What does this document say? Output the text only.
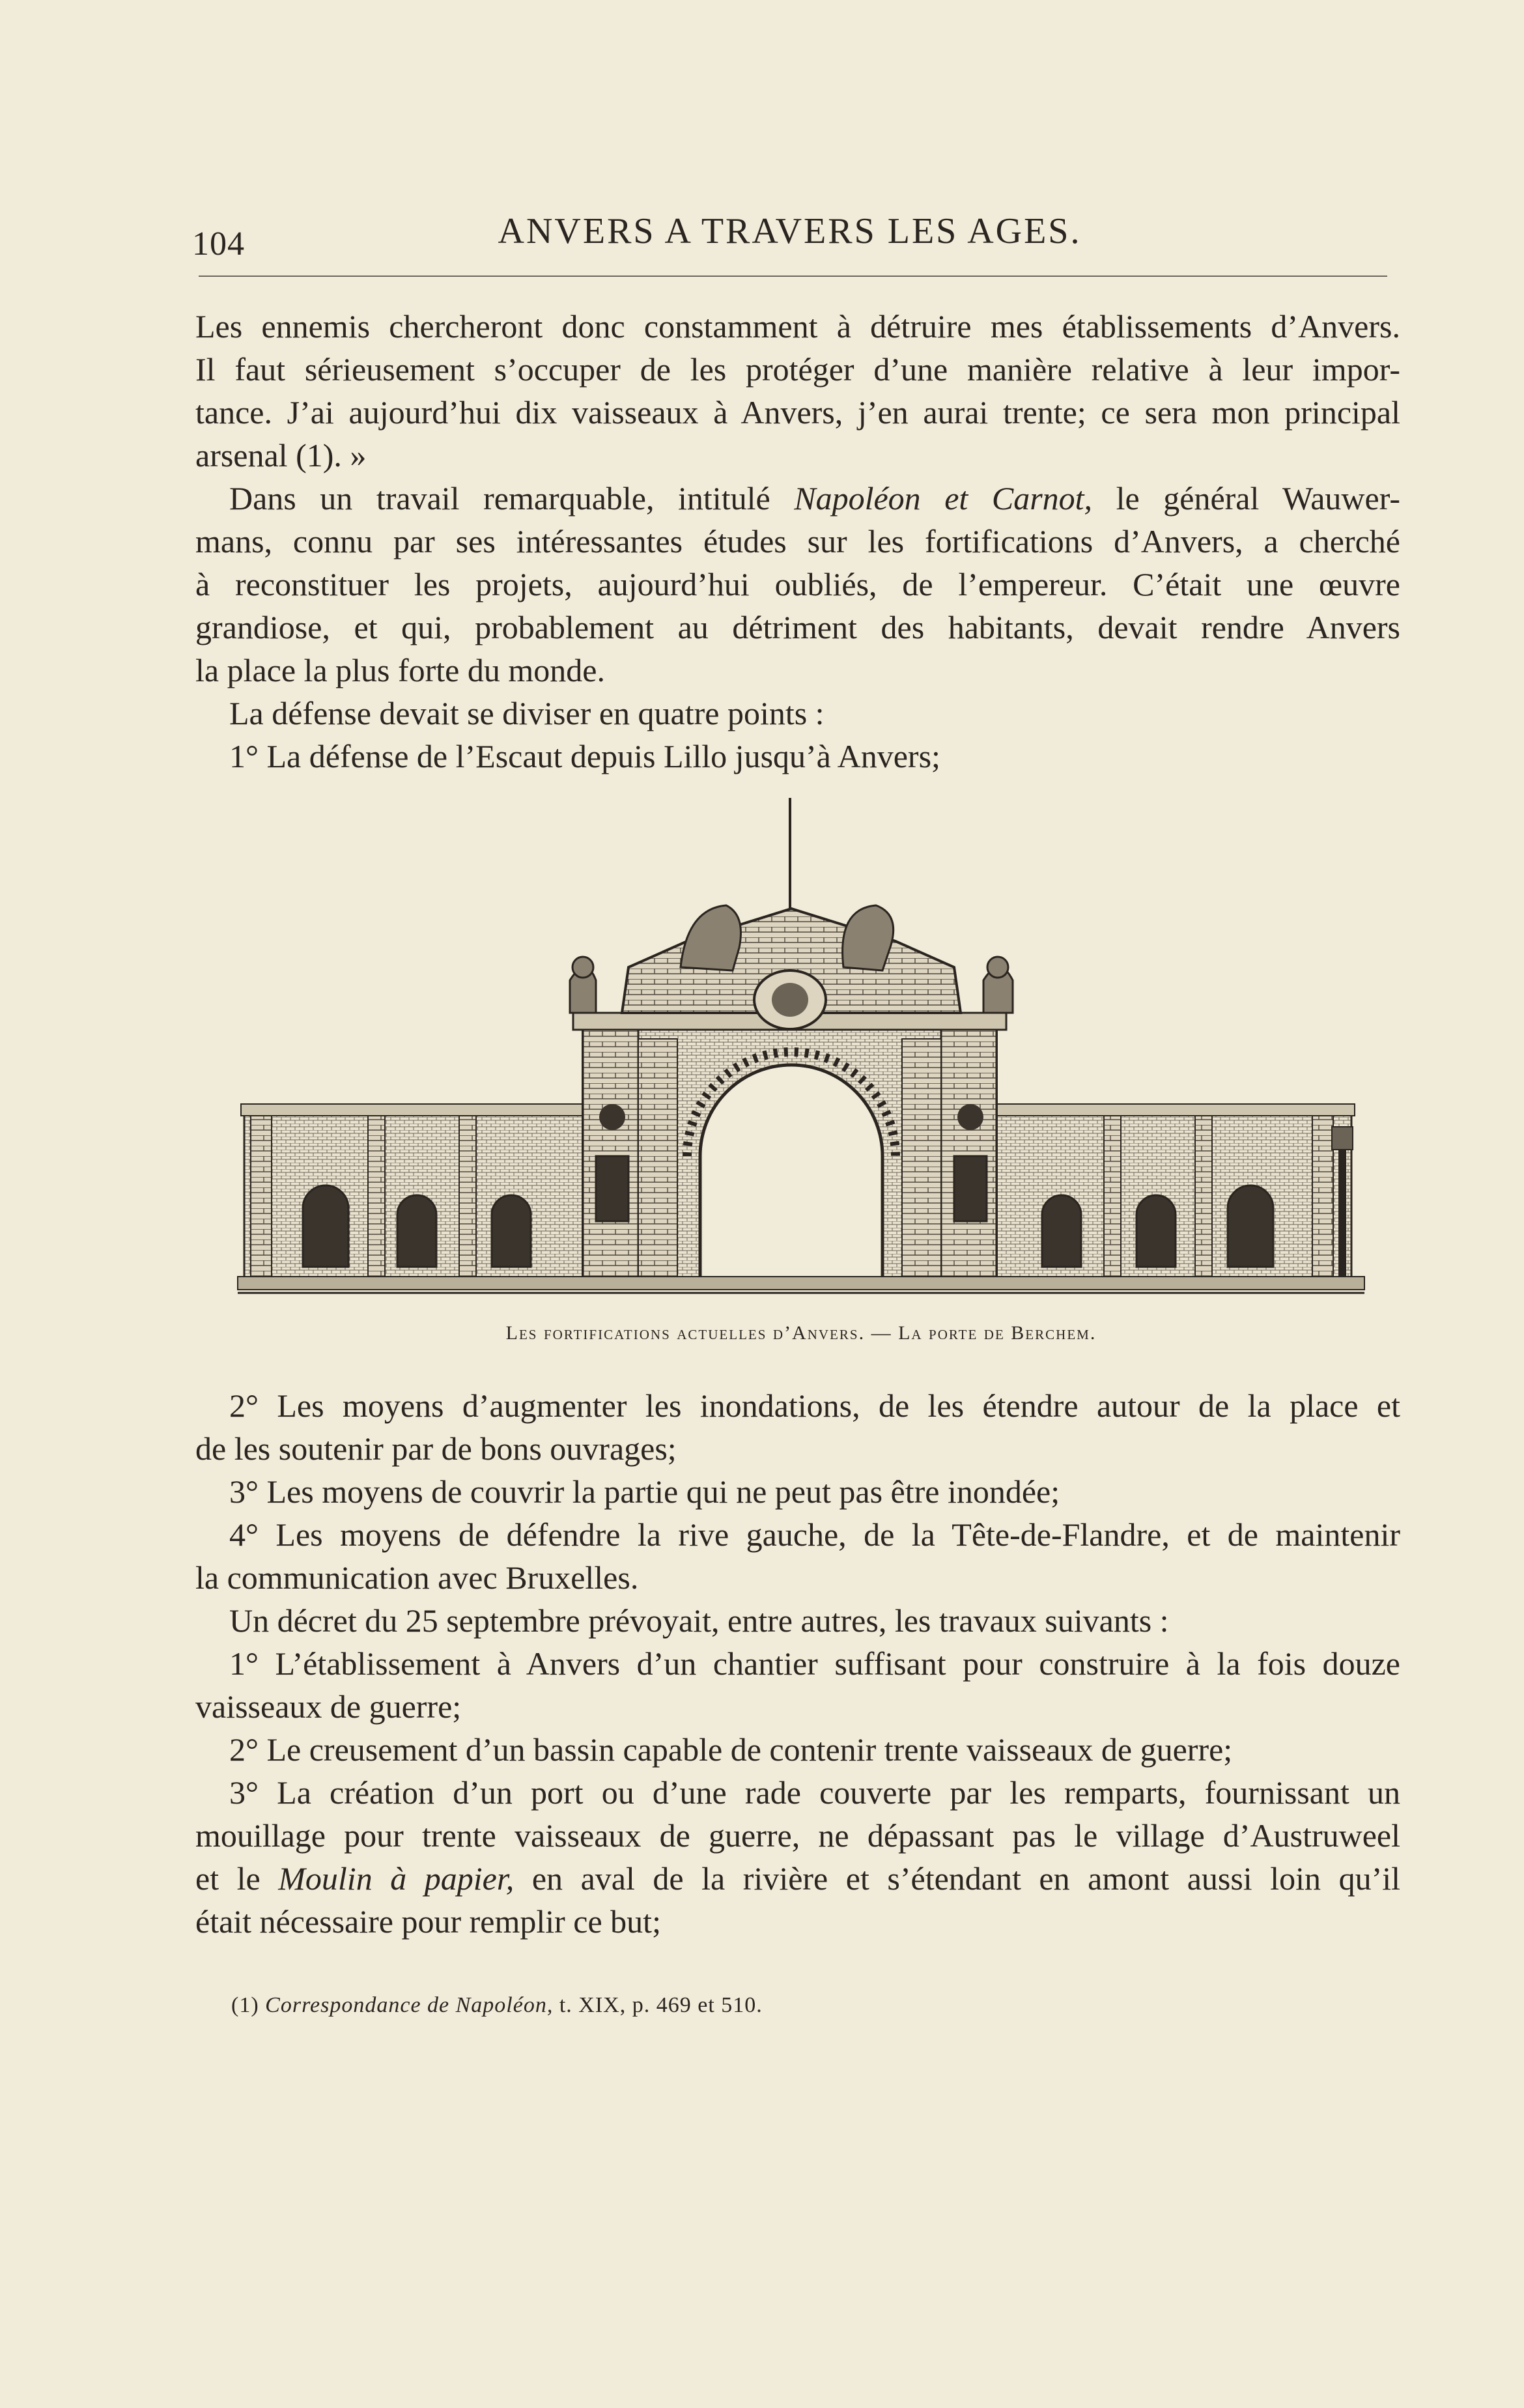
104	ANVERS A TRAVERS LES AGES.

Les ennemis chercheront donc constamment à détruire mes établissements d’Anvers.
Il faut sérieusement s’occuper de les protéger d’une manière relative à leur impor-
tance. J’ai aujourd’hui dix vaisseaux à Anvers, j’en aurai trente; ce sera mon principal
arsenal (1). »

Dans un travail remarquable, intitulé Napoléon et Carnot, le général Wauwer-
mans, connu par ses intéressantes études sur les fortifications d’Anvers, a cherché
à reconstituer les projets, aujourd’hui oubliés, de l’empereur. C’était une œuvre
grandiose, et qui, probablement au détriment des habitants, devait rendre Anvers
la place la plus forte du monde.

La défense devait se diviser en quatre points :

1° La défense de l’Escaut depuis Lillo jusqu’à Anvers;

Les fortifications actuelles d’Anvers. — La porte de Berchem.

2° Les moyens d’augmenter les inondations, de les étendre autour de la place et
de les soutenir par de bons ouvrages;

3° Les moyens de couvrir la partie qui ne peut pas être inondée;

4° Les moyens de défendre la rive gauche, de la Tête-de-Flandre, et de maintenir
la communication avec Bruxelles.

Un décret du 25 septembre prévoyait, entre autres, les travaux suivants :

1° L’établissement à Anvers d’un chantier suffisant pour construire à la fois douze
vaisseaux de guerre;

2° Le creusement d’un bassin capable de contenir trente vaisseaux de guerre;

3° La création d’un port ou d’une rade couverte par les remparts, fournissant un
mouillage pour trente vaisseaux de guerre, ne dépassant pas le village d’Austruweel
et le Moulin à papier, en aval de la rivière et s’étendant en amont aussi loin qu’il
était nécessaire pour remplir ce but;

(1) Correspondance de Napoléon, t. XIX, p. 469 et 510.
